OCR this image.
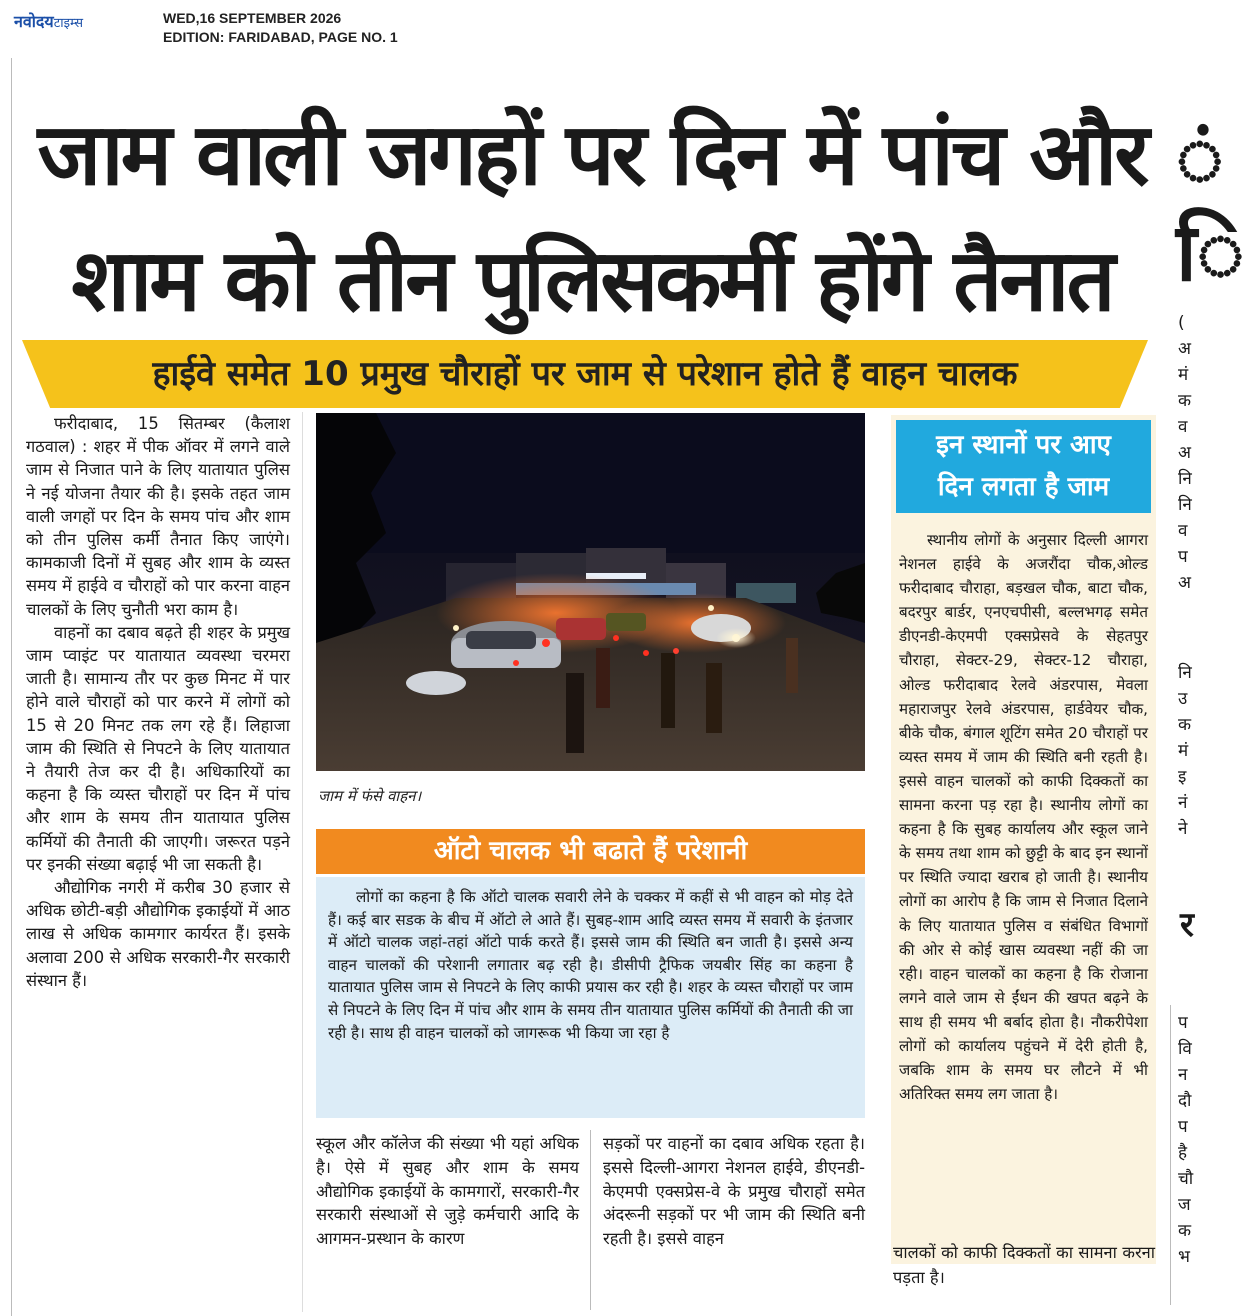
नवोदयटाइम्स	WED,16 SEPTEMBER 2026
EDITION: FARIDABAD, PAGE NO. 1
जाम वाली जगहों पर दिन में पांच और
शाम को तीन पुलिसकर्मी होंगे तैनात
हाईवे समेत 10 प्रमुख चौराहों पर जाम से परेशान होते हैं वाहन चालक

फरीदाबाद, 15 सितम्बर (कैलाश गठवाल) : शहर में पीक ऑवर में लगने वाले जाम से निजात पाने के लिए यातायात पुलिस ने नई योजना तैयार की है। इसके तहत जाम वाली जगहों पर दिन के समय पांच और शाम को तीन पुलिस कर्मी तैनात किए जाएंगे। कामकाजी दिनों में सुबह और शाम के व्यस्त समय में हाईवे व चौराहों को पार करना वाहन चालकों के लिए चुनौती भरा काम है।

वाहनों का दबाव बढ़ते ही शहर के प्रमुख जाम प्वाइंट पर यातायात व्यवस्था चरमरा जाती है। सामान्य तौर पर कुछ मिनट में पार होने वाले चौराहों को पार करने में लोगों को 15 से 20 मिनट तक लग रहे हैं। लिहाजा जाम की स्थिति से निपटने के लिए यातायात ने तैयारी तेज कर दी है। अधिकारियों का कहना है कि व्यस्त चौराहों पर दिन में पांच और शाम के समय तीन यातायात पुलिस कर्मियों की तैनाती की जाएगी। जरूरत पड़ने पर इनकी संख्या बढ़ाई भी जा सकती है।

औद्योगिक नगरी में करीब 30 हजार से अधिक छोटी-बड़ी औद्योगिक इकाईयों में आठ लाख से अधिक कामगार कार्यरत हैं। इसके अलावा 200 से अधिक सरकारी-गैर सरकारी संस्थान हैं।

जाम में फंसे वाहन।
ऑटो चालक भी बढाते हैं परेशानी

लोगों का कहना है कि ऑटो चालक सवारी लेने के चक्कर में कहीं से भी वाहन को मोड़ देते हैं। कई बार सडक के बीच में ऑटो ले आते हैं। सुबह-शाम आदि व्यस्त समय में सवारी के इंतजार में ऑटो चालक जहां-तहां ऑटो पार्क करते हैं। इससे जाम की स्थिति बन जाती है। इससे अन्य वाहन चालकों की परेशानी लगातार बढ़ रही है। डीसीपी ट्रैफिक जयबीर सिंह का कहना है यातायात पुलिस जाम से निपटने के लिए काफी प्रयास कर रही है। शहर के व्यस्त चौराहों पर जाम से निपटने के लिए दिन में पांच और शाम के समय तीन यातायात पुलिस कर्मियों की तैनाती की जा रही है। साथ ही वाहन चालकों को जागरूक भी किया जा रहा है

स्कूल और कॉलेज की संख्या भी यहां अधिक है। ऐसे में सुबह और शाम के समय औद्योगिक इकाईयों के कामगारों, सरकारी-गैर सरकारी संस्थाओं से जुड़े कर्मचारी आदि के आगमन-प्रस्थान के कारण
सड़कों पर वाहनों का दबाव अधिक रहता है। इससे दिल्ली-आगरा नेशनल हाईवे, डीएनडी-केएमपी एक्सप्रेस-वे के प्रमुख चौराहों समेत अंदरूनी सड़कों पर भी जाम की स्थिति बनी रहती है। इससे वाहन
इन स्थानों पर आए
दिन लगता है जाम

स्थानीय लोगों के अनुसार दिल्ली आगरा नेशनल हाईवे के अजरौंदा चौक,ओल्ड फरीदाबाद चौराहा, बड़खल चौक, बाटा चौक, बदरपुर बार्डर, एनएचपीसी, बल्लभगढ़ समेत डीएनडी-केएमपी एक्सप्रेसवे के सेहतपुर चौराहा, सेक्टर-29, सेक्टर-12 चौराहा, ओल्ड फरीदाबाद रेलवे अंडरपास, मेवला महाराजपुर रेलवे अंडरपास, हार्डवेयर चौक, बीके चौक, बंगाल शूटिंग समेत 20 चौराहों पर व्यस्त समय में जाम की स्थिति बनी रहती है। इससे वाहन चालकों को काफी दिक्कतों का सामना करना पड़ रहा है। स्थानीय लोगों का कहना है कि सुबह कार्यालय और स्कूल जाने के समय तथा शाम को छुट्टी के बाद इन स्थानों पर स्थिति ज्यादा खराब हो जाती है। स्थानीय लोगों का आरोप है कि जाम से निजात दिलाने के लिए यातायात पुलिस व संबंधित विभागों की ओर से कोई खास व्यवस्था नहीं की जा रही। वाहन चालकों का कहना है कि रोजाना लगने वाले जाम से ईंधन की खपत बढ़ने के साथ ही समय भी बर्बाद होता है। नौकरीपेशा लोगों को कार्यालय पहुंचने में देरी होती है, जबकि शाम के समय घर लौटने में भी अतिरिक्त समय लग जाता है।

चालकों को काफी दिक्कतों का सामना करना पड़ता है।
ं
ि
(
अ
मं
क
व
अ
नि
नि
व
प
अ
नि
उ
क
मं
इ
नं
ने
र
प
वि
न
दौ
प
है
चौ
ज
क
भ
